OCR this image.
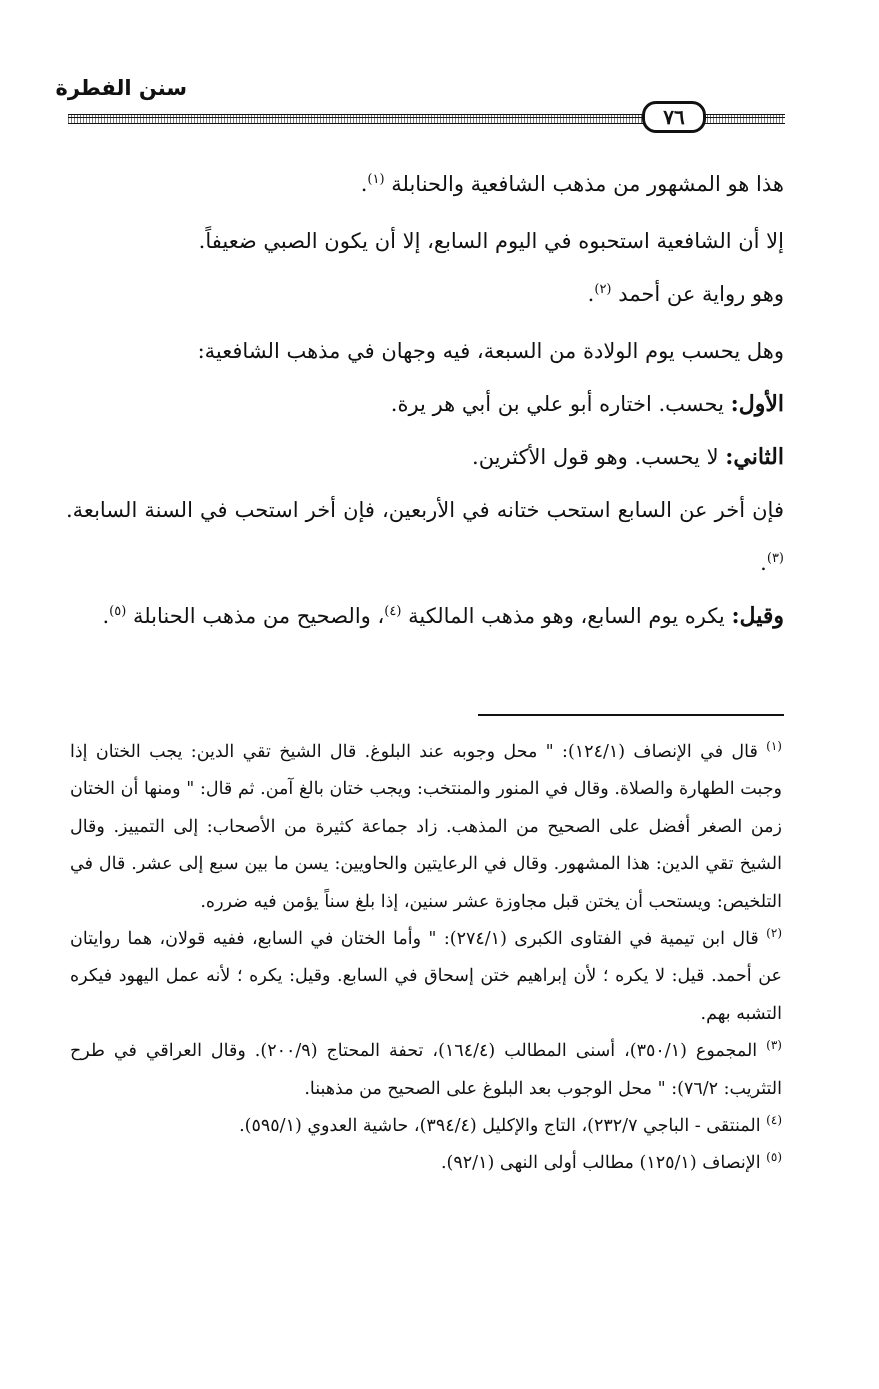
سنن الفطرة
٧٦

هذا هو المشهور من مذهب الشافعية والحنابلة $^{(١)}$.

إلا أن الشافعية استحبوه في اليوم السابع، إلا أن يكون الصبي ضعيفاً.

وهو رواية عن أحمد $^{(٢)}$.

وهل يحسب يوم الولادة من السبعة، فيه وجهان في مذهب الشافعية:

الأول: يحسب. اختاره أبو علي بن أبي هر يرة.

الثاني: لا يحسب. وهو قول الأكثرين.

فإن أخر عن السابع استحب ختانه في الأربعين، فإن أخر استحب في السنة السابعة. $^{(٣)}$.

وقيل: يكره يوم السابع، وهو مذهب المالكية $^{(٤)}$، والصحيح من مذهب الحنابلة $^{(٥)}$.

$^{(١)}$ قال في الإنصاف (١٢٤/١): " محل وجوبه عند البلوغ. قال الشيخ تقي الدين: يجب الختان إذا وجبت الطهارة والصلاة. وقال في المنور والمنتخب: ويجب ختان بالغ آمن. ثم قال: " ومنها أن الختان زمن الصغر أفضل على الصحيح من المذهب. زاد جماعة كثيرة من الأصحاب: إلى التمييز. وقال الشيخ تقي الدين: هذا المشهور. وقال في الرعايتين والحاويين: يسن ما بين سبع إلى عشر. قال في التلخيص: ويستحب أن يختن قبل مجاوزة عشر سنين، إذا بلغ سناً يؤمن فيه ضرره.

$^{(٢)}$ قال ابن تيمية في الفتاوى الكبرى (٢٧٤/١): " وأما الختان في السابع، ففيه قولان، هما روايتان عن أحمد. قيل: لا يكره ؛ لأن إبراهيم ختن إسحاق في السابع. وقيل: يكره ؛ لأنه عمل اليهود فيكره التشبه بهم.

$^{(٣)}$ المجموع (٣٥٠/١)، أسنى المطالب (١٦٤/٤)، تحفة المحتاج (٢٠٠/٩). وقال العراقي في طرح التثريب: ٧٦/٢): " محل الوجوب بعد البلوغ على الصحيح من مذهبنا.

$^{(٤)}$ المنتقى - الباجي ٢٣٢/٧)، التاج والإكليل (٣٩٤/٤)، حاشية العدوي (٥٩٥/١).

$^{(٥)}$ الإنصاف (١٢٥/١) مطالب أولى النهى (٩٢/١).
